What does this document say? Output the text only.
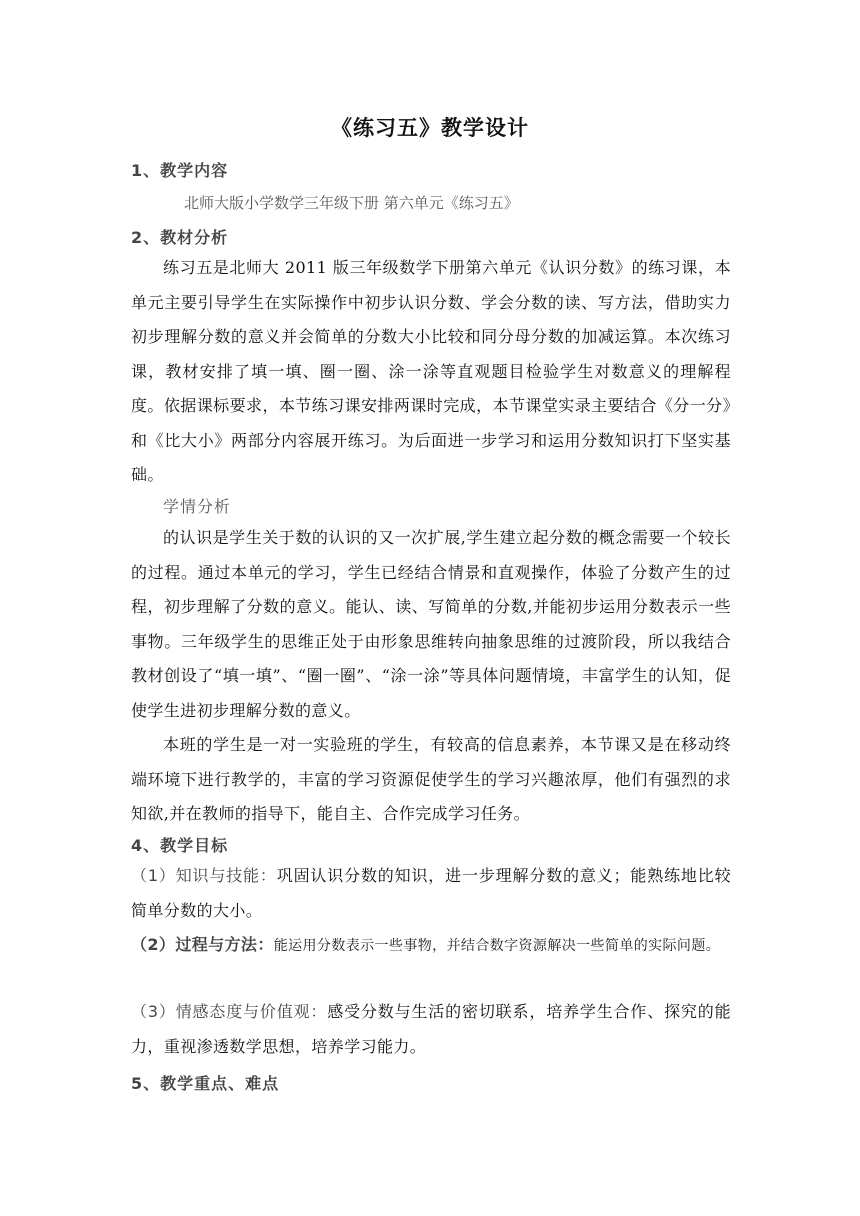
《练习五》教学设计
1、教学内容
北师大版小学数学三年级下册 第六单元《练习五》
2、教材分析
练习五是北师大 2011 版三年级数学下册第六单元《认识分数》的练习课，本单元主要引导学生在实际操作中初步认识分数、学会分数的读、写方法，借助实力初步理解分数的意义并会简单的分数大小比较和同分母分数的加减运算。本次练习课，教材安排了填一填、圈一圈、涂一涂等直观题目检验学生对数意义的理解程度。依据课标要求，本节练习课安排两课时完成，本节课堂实录主要结合《分一分》和《比大小》两部分内容展开练习。为后面进一步学习和运用分数知识打下坚实基础。
学情分析
的认识是学生关于数的认识的又一次扩展,学生建立起分数的概念需要一个较长的过程。通过本单元的学习，学生已经结合情景和直观操作，体验了分数产生的过程，初步理解了分数的意义。能认、读、写简单的分数,并能初步运用分数表示一些事物。三年级学生的思维正处于由形象思维转向抽象思维的过渡阶段，所以我结合教材创设了“填一填”、“圈一圈”、“涂一涂”等具体问题情境，丰富学生的认知，促使学生进初步理解分数的意义。
本班的学生是一对一实验班的学生，有较高的信息素养，本节课又是在移动终端环境下进行教学的，丰富的学习资源促使学生的学习兴趣浓厚，他们有强烈的求知欲,并在教师的指导下，能自主、合作完成学习任务。
4、教学目标
（1）知识与技能：巩固认识分数的知识，进一步理解分数的意义；能熟练地比较简单分数的大小。
（2）过程与方法：能运用分数表示一些事物，并结合数字资源解决一些简单的实际问题。
（3）情感态度与价值观：感受分数与生活的密切联系，培养学生合作、探究的能力，重视渗透数学思想，培养学习能力。
5、教学重点、难点
